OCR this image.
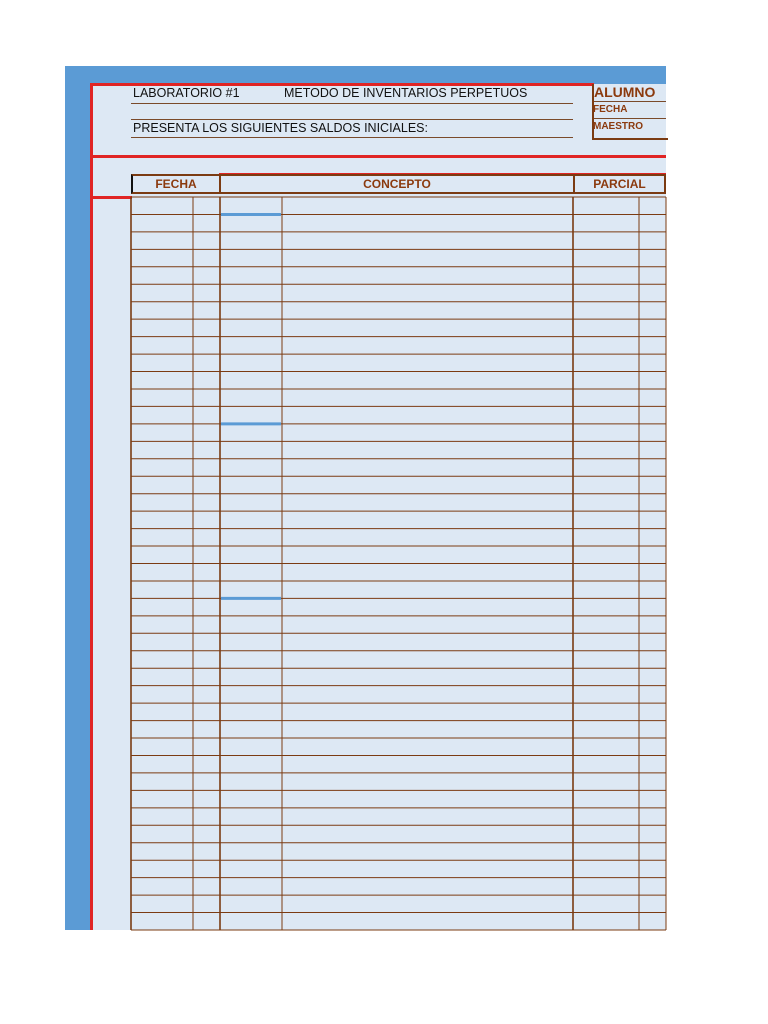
LABORATORIO #1	METODO DE INVENTARIOS PERPETUOS
PRESENTA LOS SIGUIENTES SALDOS INICIALES:
ALUMNO
FECHA
MAESTRO
FECHA	CONCEPTO	PARCIAL
